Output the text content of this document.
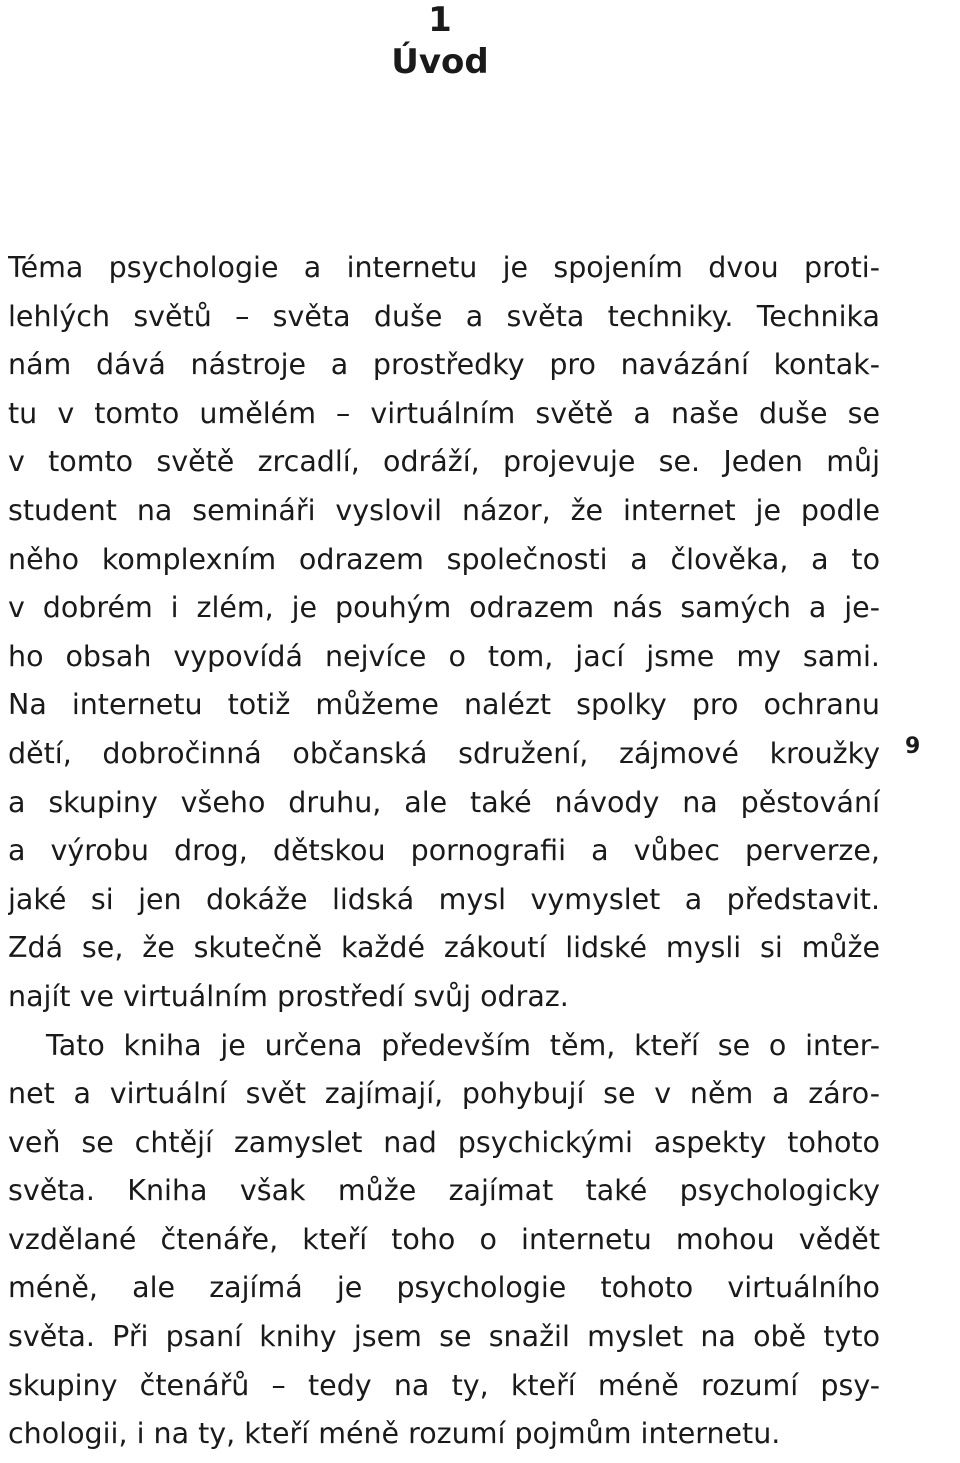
1
Úvod
Téma psychologie a internetu je spojením dvou proti-
lehlých světů – světa duše a světa techniky. Technika
nám dává nástroje a prostředky pro navázání kontak-
tu v tomto umělém – virtuálním světě a naše duše se
v tomto světě zrcadlí, odráží, projevuje se. Jeden můj
student na semináři vyslovil názor, že internet je podle
něho komplexním odrazem společnosti a člověka, a to
v dobrém i zlém, je pouhým odrazem nás samých a je-
ho obsah vypovídá nejvíce o tom, jací jsme my sami.
Na internetu totiž můžeme nalézt spolky pro ochranu
dětí, dobročinná občanská sdružení, zájmové kroužky
a skupiny všeho druhu, ale také návody na pěstování
a výrobu drog, dětskou pornografii a vůbec perverze,
jaké si jen dokáže lidská mysl vymyslet a představit.
Zdá se, že skutečně každé zákoutí lidské mysli si může
najít ve virtuálním prostředí svůj odraz.
Tato kniha je určena především těm, kteří se o inter-
net a virtuální svět zajímají, pohybují se v něm a záro-
veň se chtějí zamyslet nad psychickými aspekty tohoto
světa. Kniha však může zajímat také psychologicky
vzdělané čtenáře, kteří toho o internetu mohou vědět
méně, ale zajímá je psychologie tohoto virtuálního
světa. Při psaní knihy jsem se snažil myslet na obě tyto
skupiny čtenářů – tedy na ty, kteří méně rozumí psy-
chologii, i na ty, kteří méně rozumí pojmům internetu.
9
